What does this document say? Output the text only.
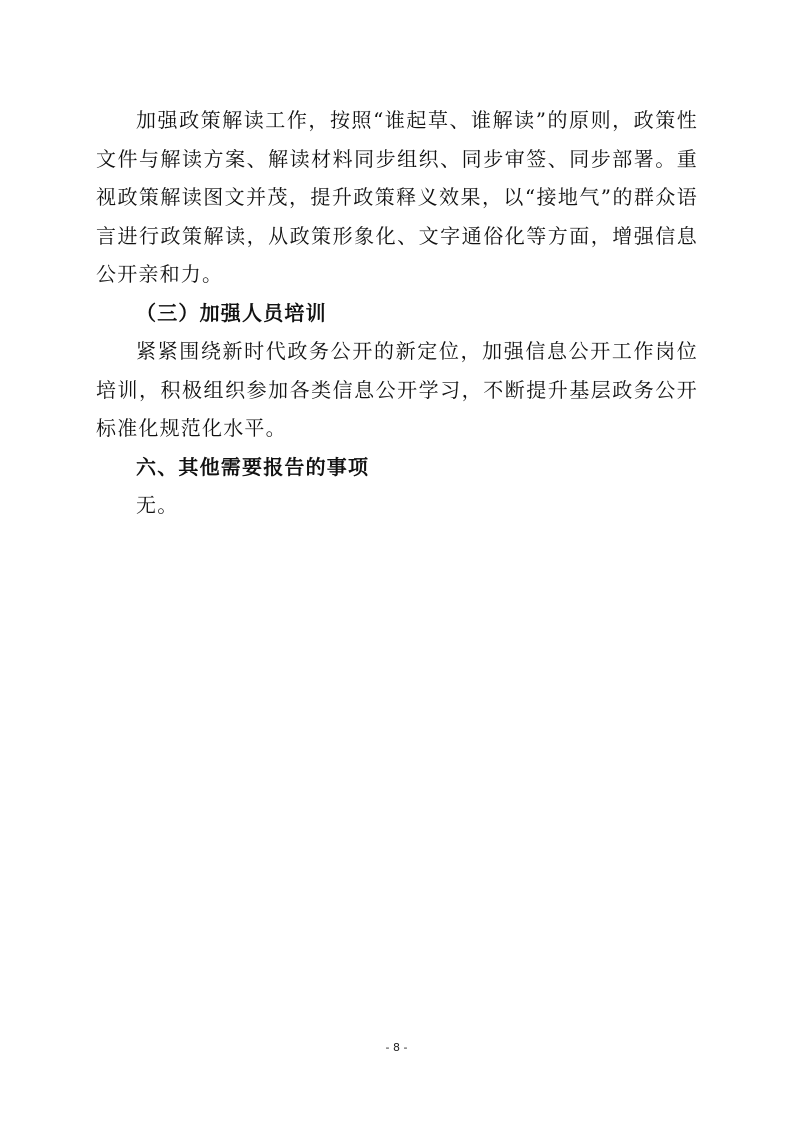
加强政策解读工作，按照“谁起草、谁解读”的原则，政策性文件与解读方案、解读材料同步组织、同步审签、同步部署。重视政策解读图文并茂，提升政策释义效果，以“接地气”的群众语言进行政策解读，从政策形象化、文字通俗化等方面，增强信息公开亲和力。

（三）加强人员培训

紧紧围绕新时代政务公开的新定位，加强信息公开工作岗位培训，积极组织参加各类信息公开学习，不断提升基层政务公开标准化规范化水平。

六、其他需要报告的事项

无。

- 8 -
